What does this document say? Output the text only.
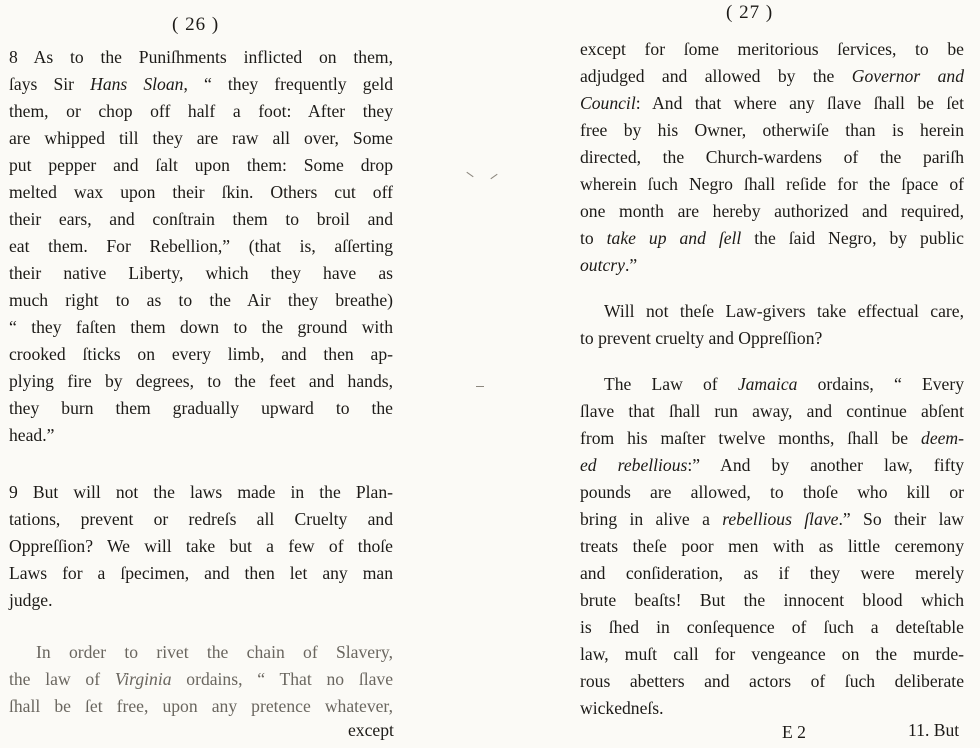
( 26 )
8 As to the Puniſhments inflicted on them,
ſays Sir Hans Sloan, “ they frequently geld
them, or chop off half a foot: After they
are whipped till they are raw all over, Some
put pepper and ſalt upon them: Some drop
melted wax upon their ſkin. Others cut off
their ears, and conſtrain them to broil and
eat them. For Rebellion,” (that is, aſſerting
their native Liberty, which they have as
much right to as to the Air they breathe)
“ they faſten them down to the ground with
crooked ſticks on every limb, and then ap-
plying fire by degrees, to the feet and hands,
they burn them gradually upward to the
head.”
9 But will not the laws made in the Plan-
tations, prevent or redreſs all Cruelty and
Oppreſſion? We will take but a few of thoſe
Laws for a ſpecimen, and then let any man
judge.
In order to rivet the chain of Slavery,
the law of Virginia ordains, “ That no ſlave
ſhall be ſet free, upon any pretence whatever,
except
( 27 )
except for ſome meritorious ſervices, to be
adjudged and allowed by the Governor and
Council: And that where any ſlave ſhall be ſet
free by his Owner, otherwiſe than is herein
directed, the Church-wardens of the pariſh
wherein ſuch Negro ſhall reſide for the ſpace of
one month are hereby authorized and required,
to take up and ſell the ſaid Negro, by public
outcry.”
Will not theſe Law-givers take effectual care,
to prevent cruelty and Oppreſſion?
The Law of Jamaica ordains, “ Every
ſlave that ſhall run away, and continue abſent
from his maſter twelve months, ſhall be deem-
ed rebellious:” And by another law, fifty
pounds are allowed, to thoſe who kill or
bring in alive a rebellious ſlave.” So their law
treats theſe poor men with as little ceremony
and conſideration, as if they were merely
brute beaſts! But the innocent blood which
is ſhed in conſequence of ſuch a deteſtable
law, muſt call for vengeance on the murde-
rous abetters and actors of ſuch deliberate
wickedneſs.
E 2	11. But
